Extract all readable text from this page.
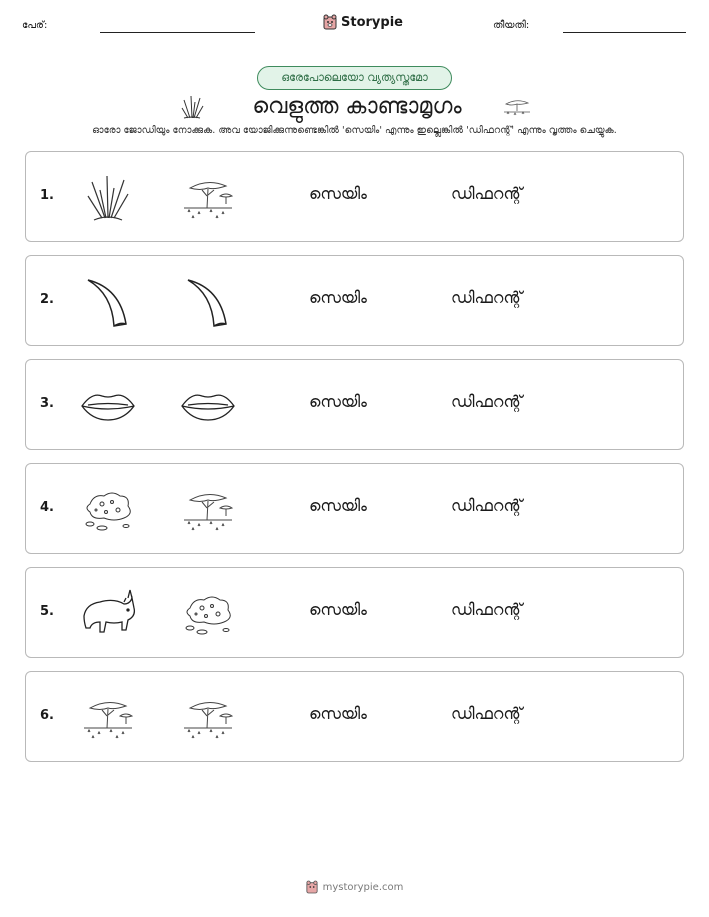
പേര്:	Storypie	തീയതി:
ഒരേപോലെയോ വ്യത്യസ്തമോ
വെളുത്ത കാണ്ടാമൃഗം
ഓരോ ജോഡിയും നോക്കുക. അവ യോജിക്കുന്നുണ്ടെങ്കിൽ 'സെയിം' എന്നും ഇല്ലെങ്കിൽ 'ഡിഫറന്റ്' എന്നും വൃത്തം ചെയ്യുക.
1.	സെയിം	ഡിഫറന്റ്
2.	സെയിം	ഡിഫറന്റ്
3.	സെയിം	ഡിഫറന്റ്
4.	സെയിം	ഡിഫറന്റ്
5.	സെയിം	ഡിഫറന്റ്
6.	സെയിം	ഡിഫറന്റ്
mystorypie.com
